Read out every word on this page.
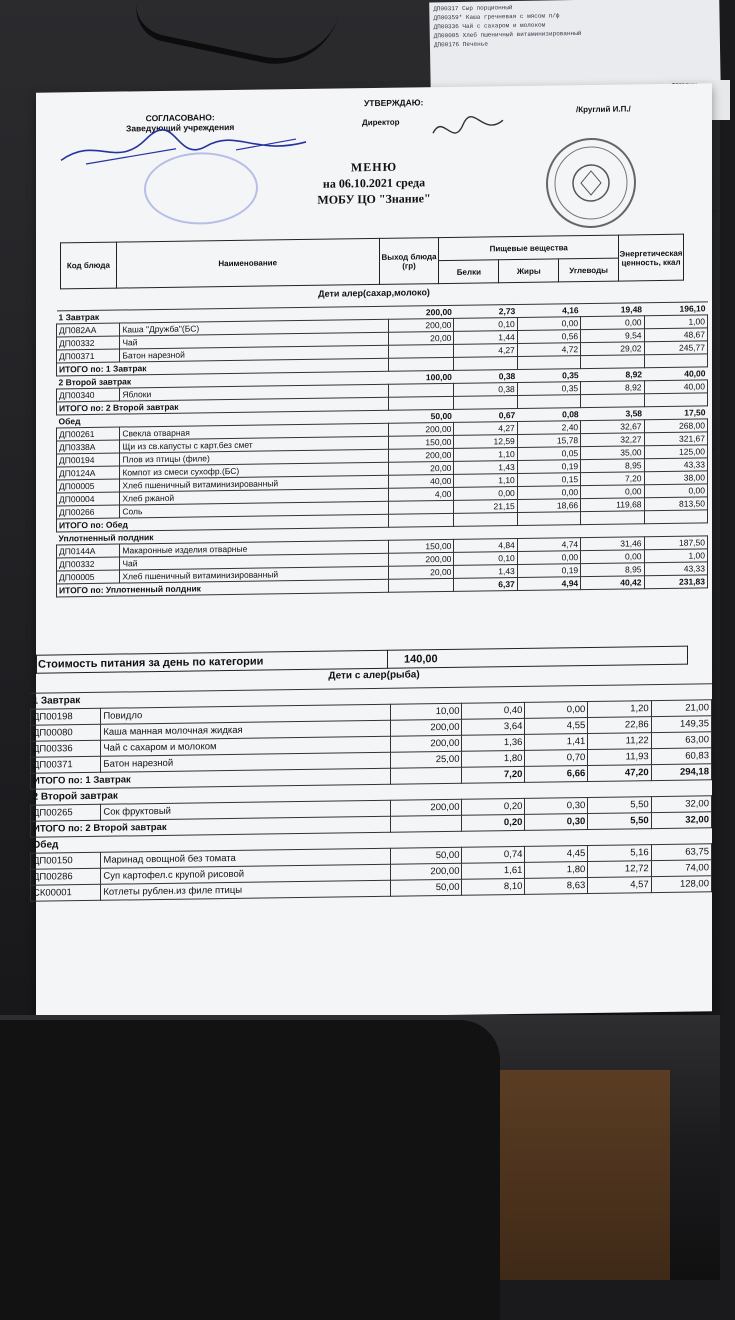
ДП00317 Сыр порционный
ДП00359* Каша гречневая с мясом п/ф
ДП00336 Чай с сахаром и молоком
ДП00005 Хлеб пшеничный витаминизированный
ДП00176 Печенье
СОГЛАСОВАНО:
Заведующий учреждения
УТВЕРЖДАЮ:
Директор
/Круглий И.П./
МЕНЮ
на 06.10.2021 среда
МОБУ ЦО "Знание"
Код блюда	Наименование	Выход блюда (гр)	Пищевые вещества			Энергетическая ценность, ккал
			Белки	Жиры	Углеводы	
Дети алер(сахар,молоко)
1 Завтрак		200,00	2,73	4,16	19,48	196,10
ДП082АА	Каша "Дружба"(БС)	200,00	0,10	0,00	0,00	1,00
ДП00332	Чай	20,00	1,44	0,56	9,54	48,67
ДП00371	Батон нарезной		4,27	4,72	29,02	245,77
ИТОГО по: 1 Завтрак						
2 Второй завтрак		100,00	0,38	0,35	8,92	40,00
ДП00340	Яблоки		0,38	0,35	8,92	40,00
ИТОГО по: 2 Второй завтрак						
Обед		50,00	0,67	0,08	3,58	17,50
ДП00261	Свекла отварная	200,00	4,27	2,40	32,67	268,00
ДП0338А	Щи из св.капусты с карт.без смет	150,00	12,59	15,78	32,27	321,67
ДП00194	Плов из птицы (филе)	200,00	1,10	0,05	35,00	125,00
ДП0124А	Компот из смеси сухофр.(БС)	20,00	1,43	0,19	8,95	43,33
ДП00005	Хлеб пшеничный витаминизированный	40,00	1,10	0,15	7,20	38,00
ДП00004	Хлеб ржаной	4,00	0,00	0,00	0,00	0,00
ДП00266	Соль		21,15	18,66	119,68	813,50
ИТОГО по: Обед						
Уплотненный полдник						
ДП0144А	Макаронные изделия отварные	150,00	4,84	4,74	31,46	187,50
ДП00332	Чай	200,00	0,10	0,00	0,00	1,00
ДП00005	Хлеб пшеничный витаминизированный	20,00	1,43	0,19	8,95	43,33
ИТОГО по: Уплотненный полдник			6,37	4,94	40,42	231,83
Стоимость питания за день по категории	140,00
Дети с алер(рыба)
1 Завтрак						
ДП00198	Повидло	10,00	0,40	0,00	1,20	21,00
ДП00080	Каша манная молочная жидкая	200,00	3,64	4,55	22,86	149,35
ДП00336	Чай с сахаром и молоком	200,00	1,36	1,41	11,22	63,00
ДП00371	Батон нарезной	25,00	1,80	0,70	11,93	60,83
ИТОГО по: 1 Завтрак			7,20	6,66	47,20	294,18
2 Второй завтрак						
ДП00265	Сок фруктовый	200,00	0,20	0,30	5,50	32,00
ИТОГО по: 2 Второй завтрак			0,20	0,30	5,50	32,00
Обед						
ДП00150	Маринад овощной без томата	50,00	0,74	4,45	5,16	63,75
ДП00286	Суп картофел.с крупой рисовой	200,00	1,61	1,80	12,72	74,00
СК00001	Котлеты рублен.из филе птицы	50,00	8,10	8,63	4,57	128,00
